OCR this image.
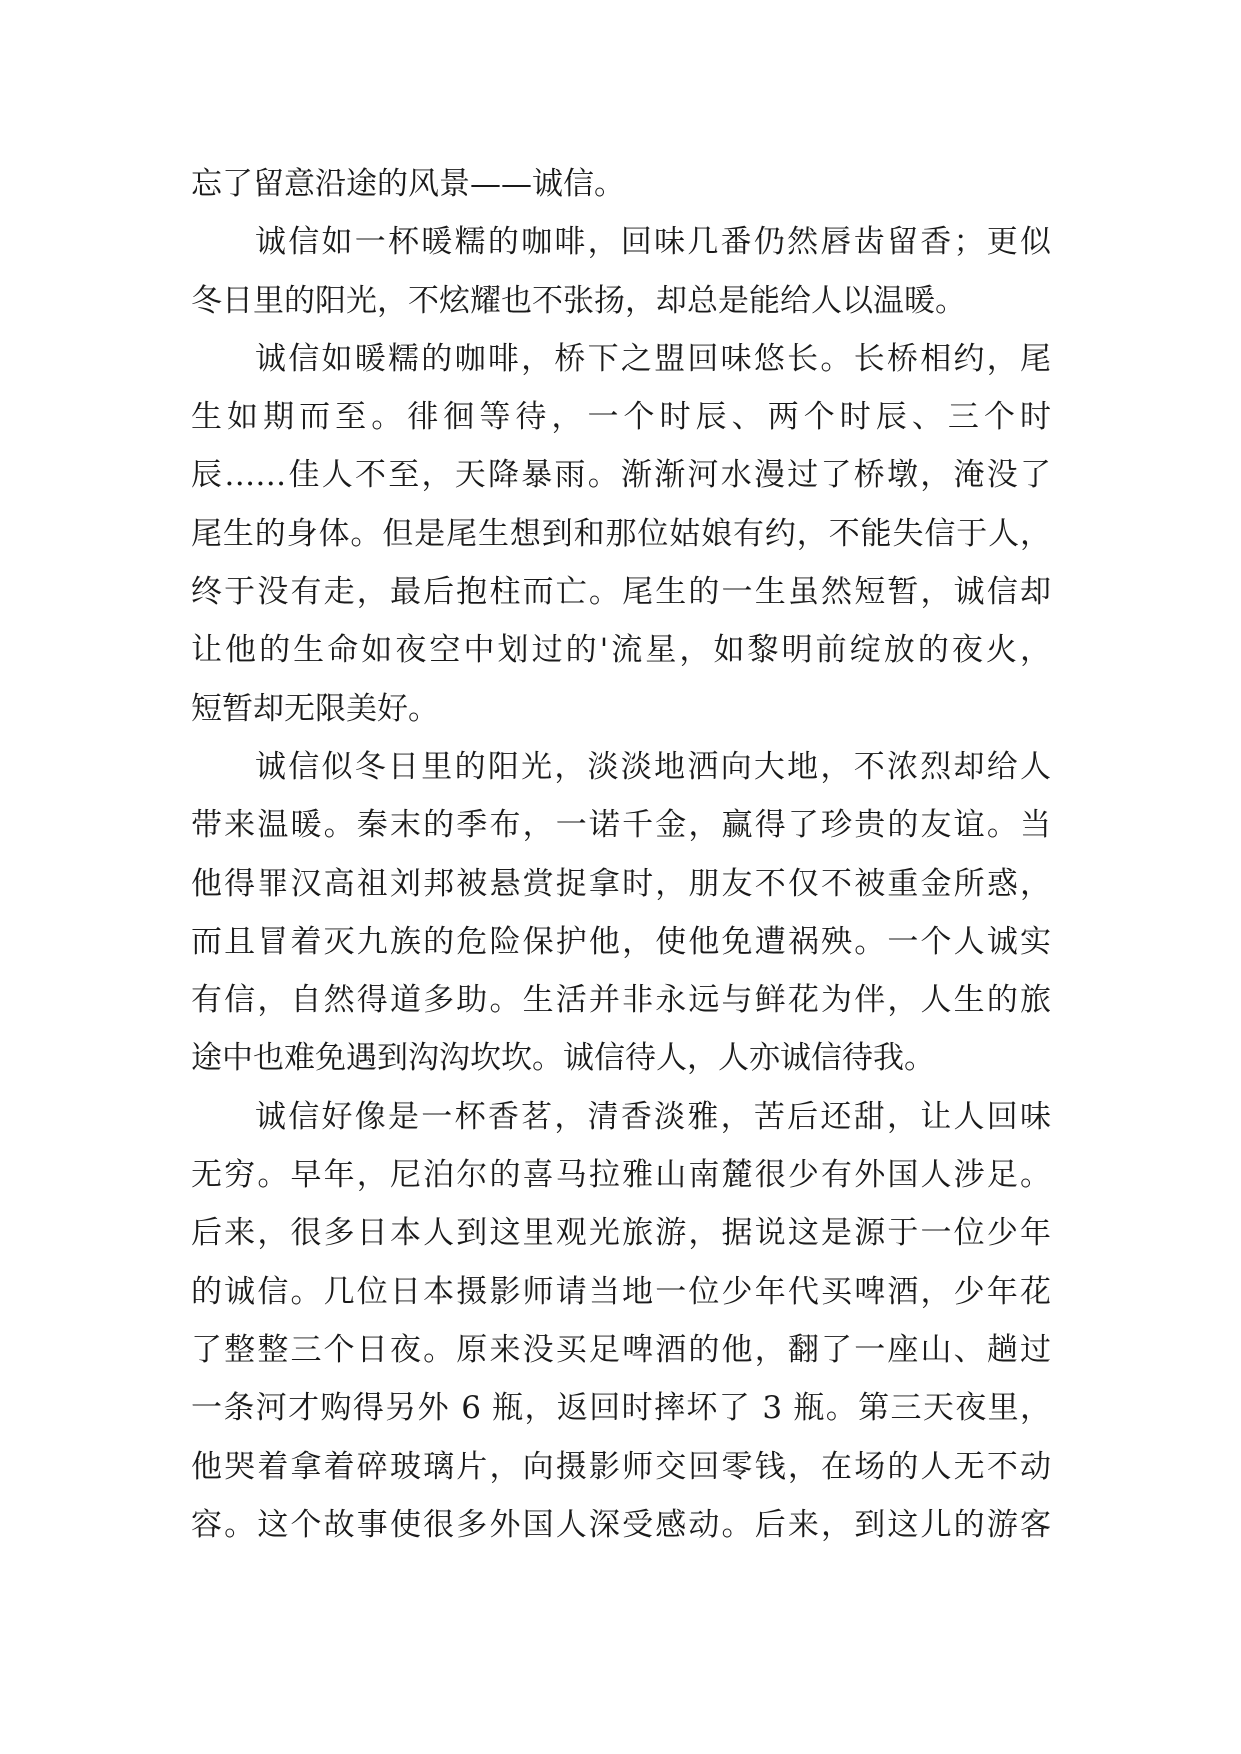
忘了留意沿途的风景——诚信。
诚信如一杯暖糯的咖啡，回味几番仍然唇齿留香；更似
冬日里的阳光，不炫耀也不张扬，却总是能给人以温暖。
诚信如暖糯的咖啡，桥下之盟回味悠长。长桥相约，尾
生如期而至。徘徊等待，一个时辰、两个时辰、三个时
辰……佳人不至，天降暴雨。渐渐河水漫过了桥墩，淹没了
尾生的身体。但是尾生想到和那位姑娘有约，不能失信于人，
终于没有走，最后抱柱而亡。尾生的一生虽然短暂，诚信却
让他的生命如夜空中划过的'流星，如黎明前绽放的夜火，
短暂却无限美好。
诚信似冬日里的阳光，淡淡地洒向大地，不浓烈却给人
带来温暖。秦末的季布，一诺千金，赢得了珍贵的友谊。当
他得罪汉高祖刘邦被悬赏捉拿时，朋友不仅不被重金所惑，
而且冒着灭九族的危险保护他，使他免遭祸殃。一个人诚实
有信，自然得道多助。生活并非永远与鲜花为伴，人生的旅
途中也难免遇到沟沟坎坎。诚信待人，人亦诚信待我。
诚信好像是一杯香茗，清香淡雅，苦后还甜，让人回味
无穷。早年，尼泊尔的喜马拉雅山南麓很少有外国人涉足。
后来，很多日本人到这里观光旅游，据说这是源于一位少年
的诚信。几位日本摄影师请当地一位少年代买啤酒，少年花
了整整三个日夜。原来没买足啤酒的他，翻了一座山、趟过
一条河才购得另外 6 瓶，返回时摔坏了 3 瓶。第三天夜里，
他哭着拿着碎玻璃片，向摄影师交回零钱，在场的人无不动
容。这个故事使很多外国人深受感动。后来，到这儿的游客
